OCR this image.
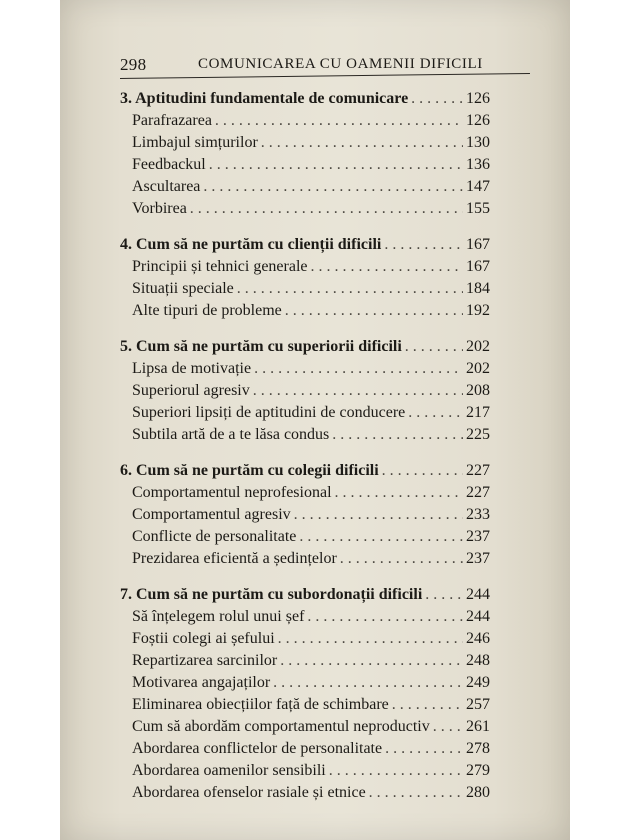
298	COMUNICAREA CU OAMENII DIFICILI
3. Aptitudini fundamentale de comunicare . . .	126
Parafrazarea . . .	126
Limbajul simțurilor . . .	130
Feedbackul . . .	136
Ascultarea . . .	147
Vorbirea . . .	155
4. Cum să ne purtăm cu clienții dificili . . .	167
Principii și tehnici generale . . .	167
Situații speciale . . .	184
Alte tipuri de probleme . . .	192
5. Cum să ne purtăm cu superiorii dificili . . .	202
Lipsa de motivație . . .	202
Superiorul agresiv . . .	208
Superiori lipsiți de aptitudini de conducere . . .	217
Subtila artă de a te lăsa condus . . .	225
6. Cum să ne purtăm cu colegii dificili . . .	227
Comportamentul neprofesional . . .	227
Comportamentul agresiv . . .	233
Conflicte de personalitate . . .	237
Prezidarea eficientă a ședințelor . . .	237
7. Cum să ne purtăm cu subordonații dificili . . .	244
Să înțelegem rolul unui șef . . .	244
Foștii colegi ai șefului . . .	246
Repartizarea sarcinilor . . .	248
Motivarea angajaților . . .	249
Eliminarea obiecțiilor față de schimbare . . .	257
Cum să abordăm comportamentul neproductiv . . . 261
Abordarea conflictelor de personalitate . . .	278
Abordarea oamenilor sensibili . . .	279
Abordarea ofenselor rasiale și etnice . . .	280
